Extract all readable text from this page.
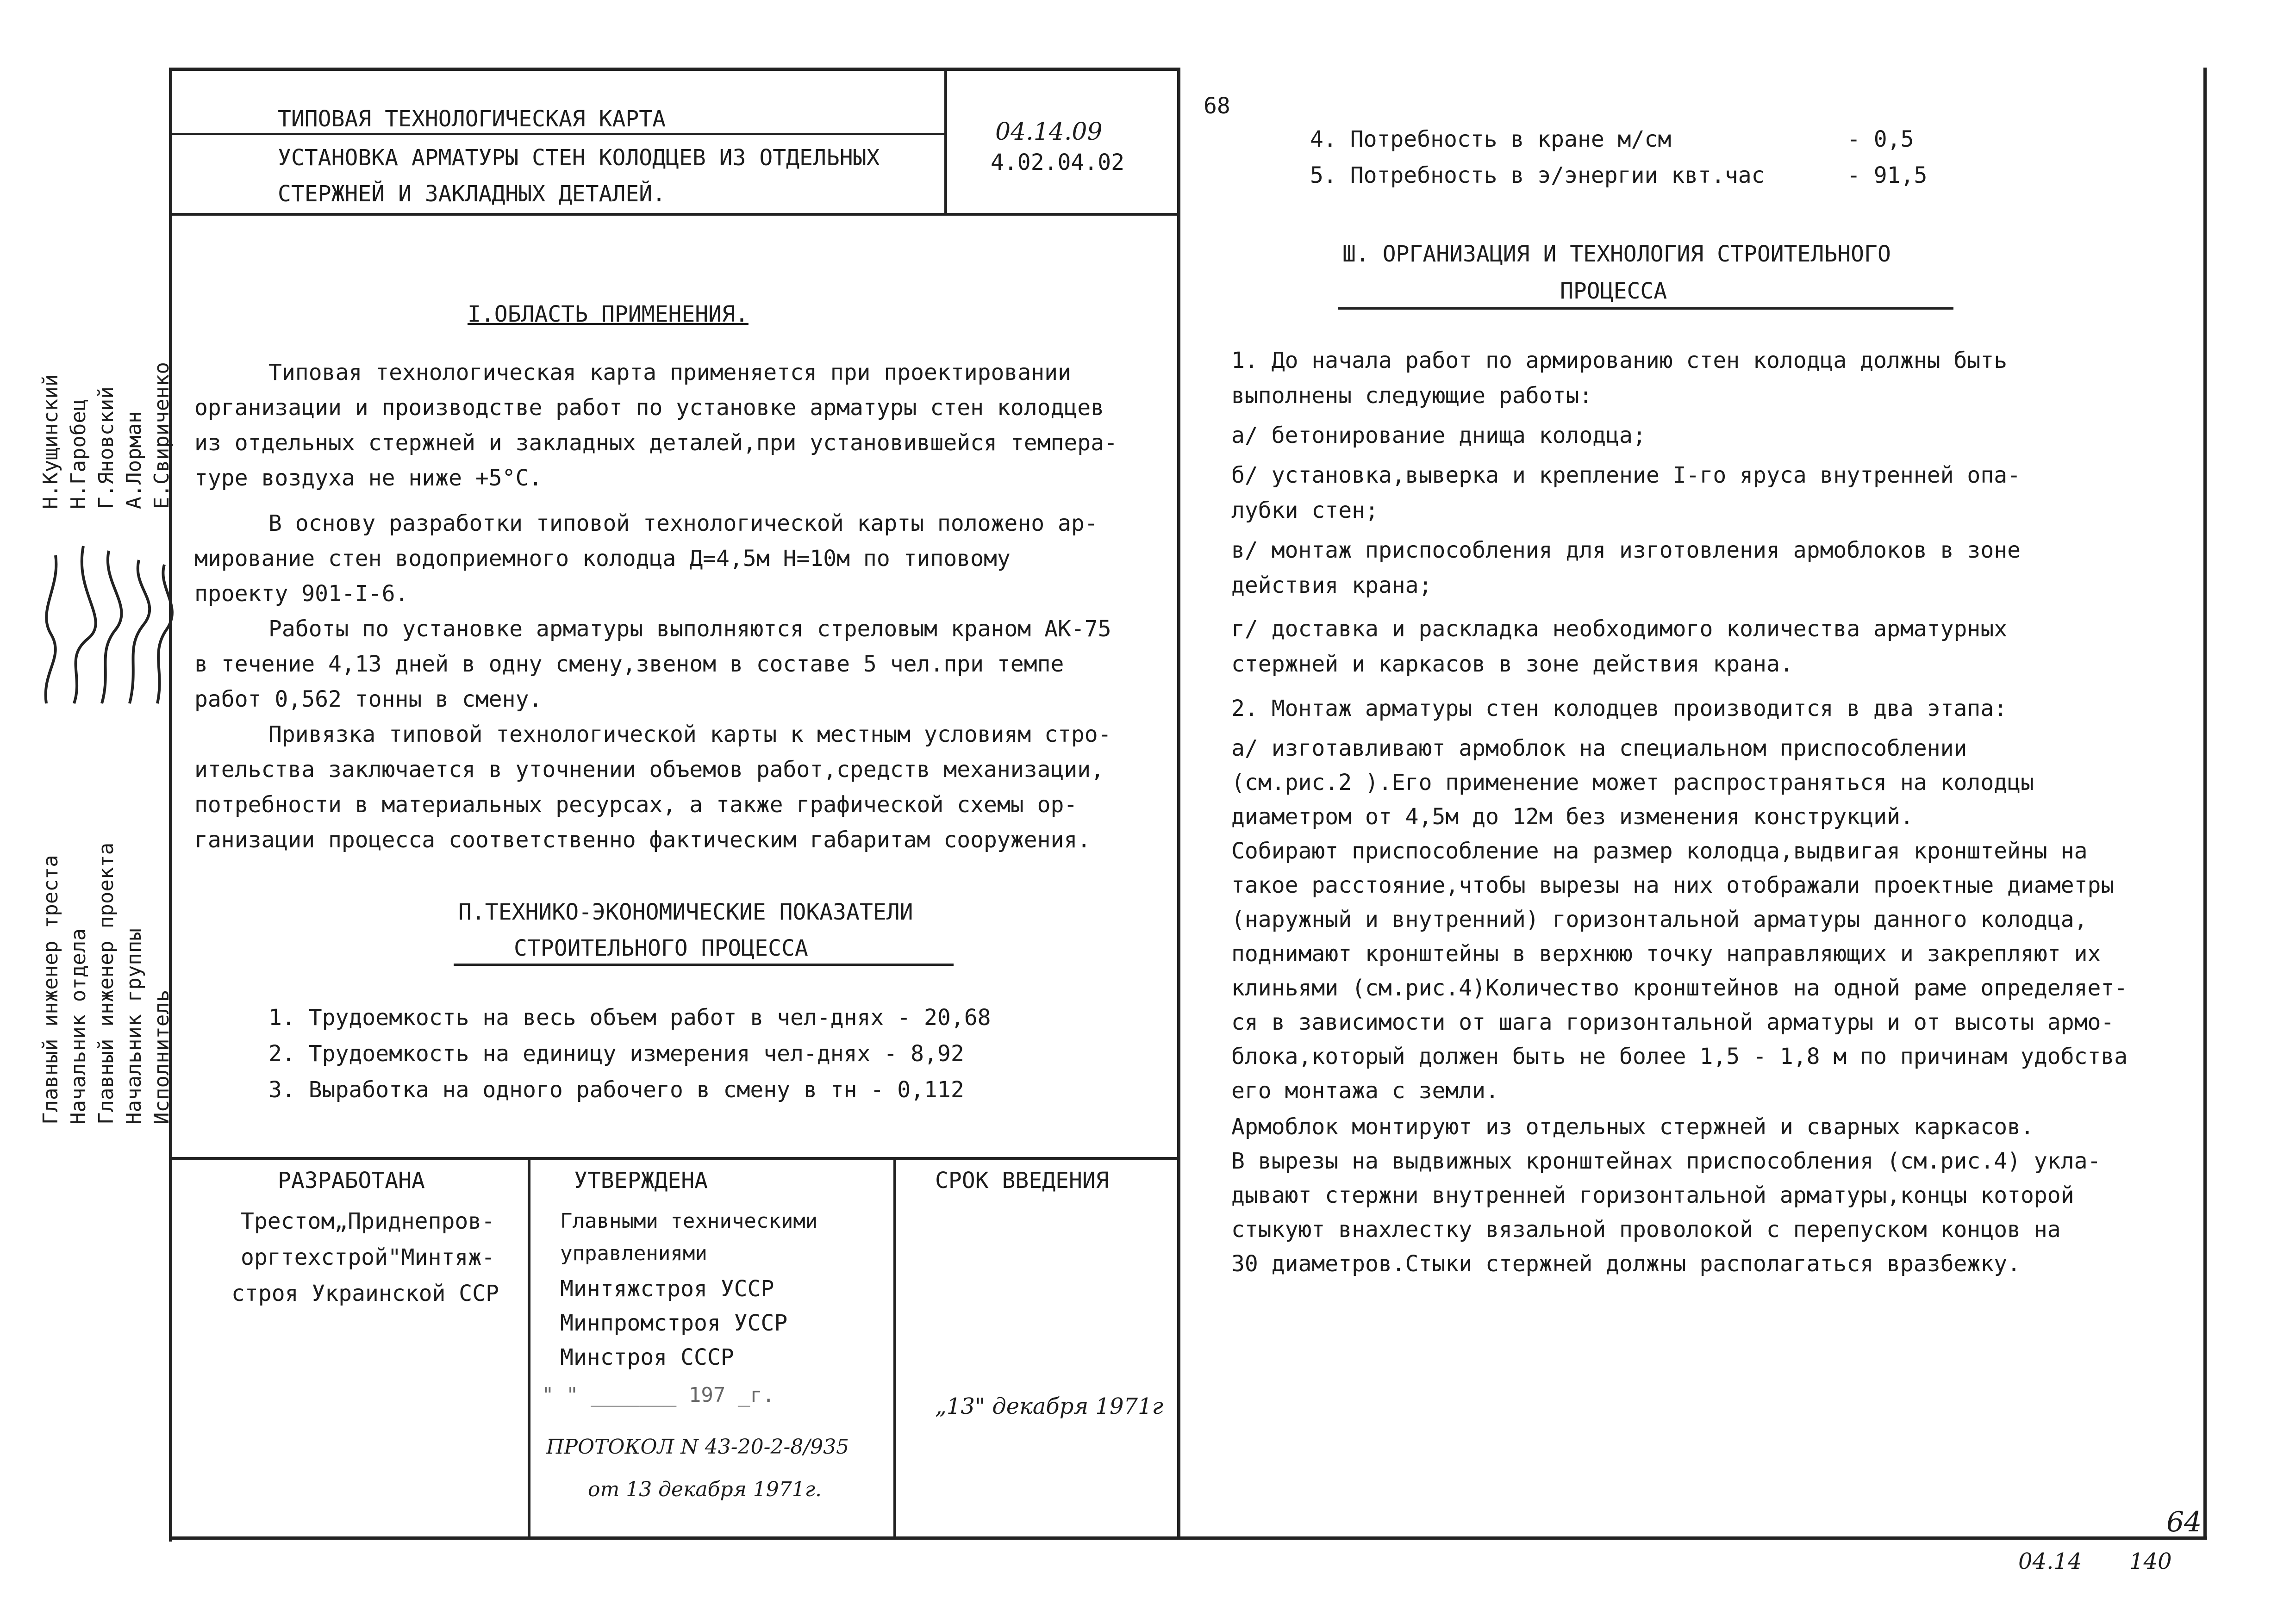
ТИПОВАЯ ТЕХНОЛОГИЧЕСКАЯ КАРТА
УСТАНОВКА АРМАТУРЫ СТЕН КОЛОДЦЕВ ИЗ ОТДЕЛЬНЫХ
СТЕРЖНЕЙ И ЗАКЛАДНЫХ ДЕТАЛЕЙ.
04.14.09
4.02.04.02
68
Главный инженер треста Начальник отдела Главный инженер проекта Начальник группы Исполнитель
Н.Кущинский Н.Гаробец Г.Яновский А.Лорман Е.Свириченко
I.ОБЛАСТЬ ПРИМЕНЕНИЯ.

Типовая технологическая карта применяется при проектировании

организации и производстве работ по установке арматуры стен колодцев

из отдельных стержней и закладных деталей,при установившейся темпера-

туре воздуха не ниже +5°С.

В основу разработки типовой технологической карты положено ар-

мирование стен водоприемного колодца Д=4,5м Н=10м по типовому

проекту 901-I-6.

Работы по установке арматуры выполняются стреловым краном АК-75

в течение 4,13 дней в одну смену,звеном в составе 5 чел.при темпе

работ 0,562 тонны в смену.

Привязка типовой технологической карты к местным условиям стро-

ительства заключается в уточнении объемов работ,средств механизации,

потребности в материальных ресурсах, а также графической схемы ор-

ганизации процесса соответственно фактическим габаритам сооружения.

П.ТЕХНИКО-ЭКОНОМИЧЕСКИЕ ПОКАЗАТЕЛИ
СТРОИТЕЛЬНОГО ПРОЦЕССА
1. Трудоемкость на весь объем работ в чел-днях - 20,68
2. Трудоемкость на единицу измерения чел-днях - 8,92
3. Выработка на одного рабочего в смену в тн - 0,112
4. Потребность в кране м/см	- 0,5
5. Потребность в э/энергии квт.час	- 91,5
Ш. ОРГАНИЗАЦИЯ И ТЕХНОЛОГИЯ СТРОИТЕЛЬНОГО
ПРОЦЕССА
1. До начала работ по армированию стен колодца должны быть
выполнены следующие работы:
а/ бетонирование днища колодца;
б/ установка,выверка и крепление I-го яруса внутренней опа-
лубки стен;
в/ монтаж приспособления для изготовления армоблоков в зоне
действия крана;
г/ доставка и раскладка необходимого количества арматурных
стержней и каркасов в зоне действия крана.
2. Монтаж арматуры стен колодцев производится в два этапа:
а/ изготавливают армоблок на специальном приспособлении
(см.рис.2 ).Его применение может распространяться на колодцы
диаметром от 4,5м до 12м без изменения конструкций.
Собирают приспособление на размер колодца,выдвигая кронштейны на
такое расстояние,чтобы вырезы на них отображали проектные диаметры
(наружный и внутренний) горизонтальной арматуры данного колодца,
поднимают кронштейны в верхнюю точку направляющих и закрепляют их
клиньями (см.рис.4)Количество кронштейнов на одной раме определяет-
ся в зависимости от шага горизонтальной арматуры и от высоты армо-
блока,который должен быть не более 1,5 - 1,8 м по причинам удобства
его монтажа с земли.
Армоблок монтируют из отдельных стержней и сварных каркасов.
В вырезы на выдвижных кронштейнах приспособления (см.рис.4) укла-
дывают стержни внутренней горизонтальной арматуры,концы которой
стыкуют внахлестку вязальной проволокой с перепуском концов на
30 диаметров.Стыки стержней должны располагаться вразбежку.
РАЗРАБОТАНА
Трестом„Приднепров-
оргтехстрой"Минтяж-
строя Украинской ССР
УТВЕРЖДЕНА
Главными техническими
управлениями
Минтяжстроя УССР
Минпромстроя УССР
Минстроя СССР
" " _______ 197 _г.
ПРОТОКОЛ N 43-20-2-8/935
от 13 декабря 1971г.
СРОК ВВЕДЕНИЯ
„13" декабря 1971г
64
04.14 140
